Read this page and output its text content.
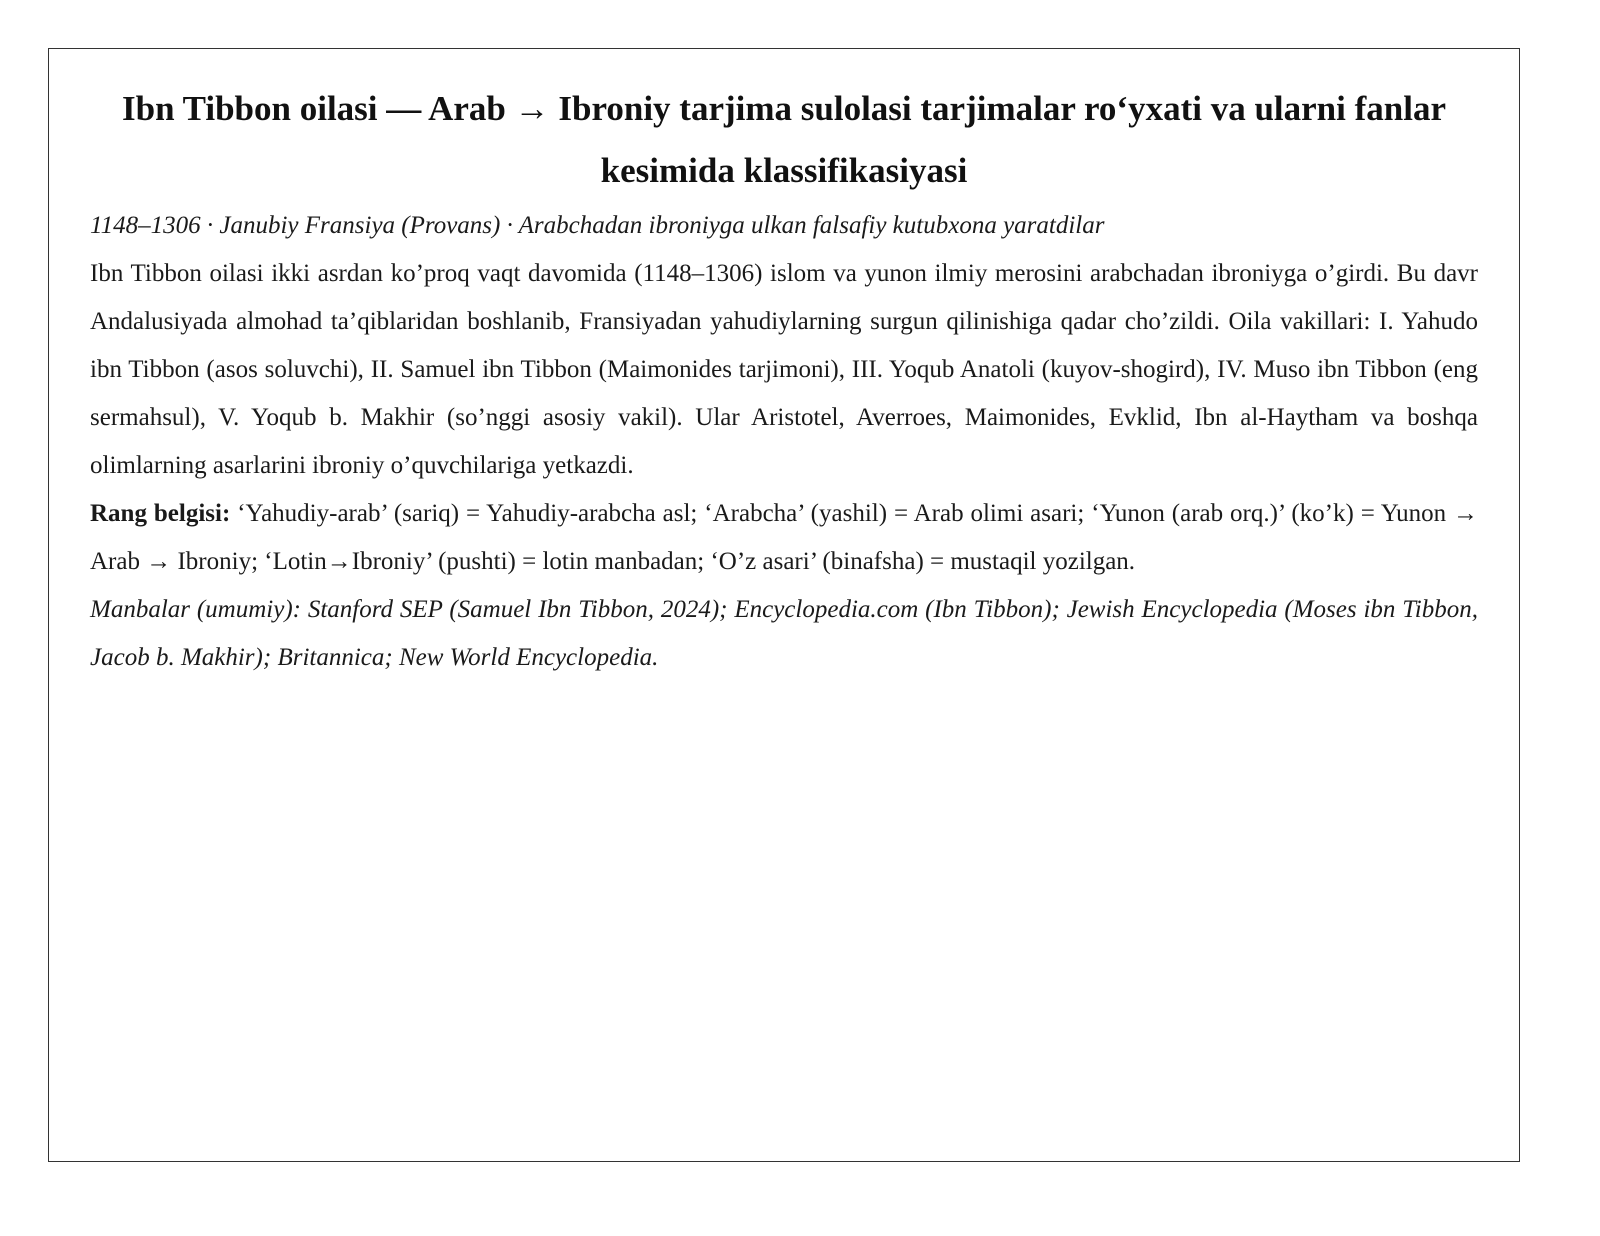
Ibn Tibbon oilasi — Arab → Ibroniy tarjima sulolasi tarjimalar ro‘yxati va ularni fanlar kesimida klassifikasiyasi
1148–1306 · Janubiy Fransiya (Provans) · Arabchadan ibroniyga ulkan falsafiy kutubxona yaratdilar

Ibn Tibbon oilasi ikki asrdan ko’proq vaqt davomida (1148–1306) islom va yunon ilmiy merosini arabchadan ibroniyga o’girdi. Bu davr Andalusiyada almohad ta’qiblaridan boshlanib, Fransiyadan yahudiylarning surgun qilinishiga qadar cho’zildi. Oila vakillari: I. Yahudo ibn Tibbon (asos soluvchi), II. Samuel ibn Tibbon (Maimonides tarjimoni), III. Yoqub Anatoli (kuyov-shogird), IV. Muso ibn Tibbon (eng sermahsul), V. Yoqub b. Makhir (so’nggi asosiy vakil). Ular Aristotel, Averroes, Maimonides, Evklid, Ibn al-Haytham va boshqa olimlarning asarlarini ibroniy o’quvchilariga yetkazdi.

Rang belgisi: ‘Yahudiy-arab’ (sariq) = Yahudiy-arabcha asl; ‘Arabcha’ (yashil) = Arab olimi asari; ‘Yunon (arab orq.)’ (ko’k) = Yunon → Arab → Ibroniy; ‘Lotin→Ibroniy’ (pushti) = lotin manbadan; ‘O’z asari’ (binafsha) = mustaqil yozilgan.

Manbalar (umumiy): Stanford SEP (Samuel Ibn Tibbon, 2024); Encyclopedia.com (Ibn Tibbon); Jewish Encyclopedia (Moses ibn Tibbon, Jacob b. Makhir); Britannica; New World Encyclopedia.
